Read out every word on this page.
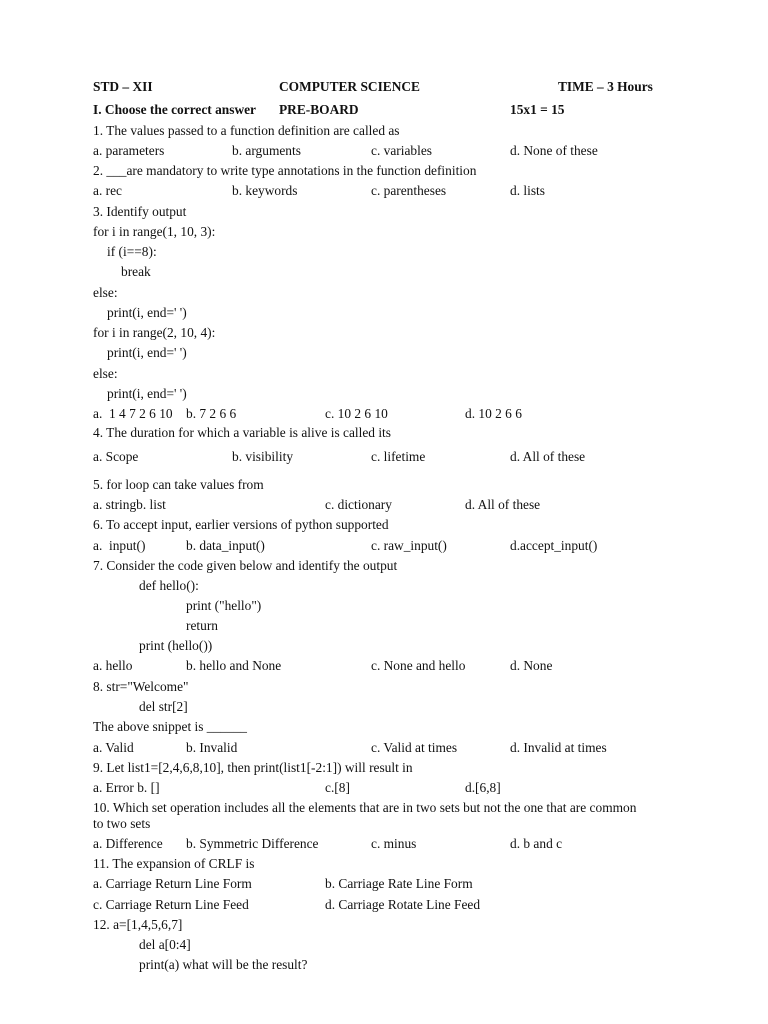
STD – XII	COMPUTER SCIENCE	TIME – 3 Hours
I. Choose the correct answer PRE-BOARD	15x1 = 15
1. The values passed to a function definition are called as
a. parameters	b. arguments	c. variables	d. None of these
2. ___are mandatory to write type annotations in the function definition
a. rec	b. keywords	c. parentheses	d. lists
3. Identify output
for i in range(1, 10, 3):
if (i==8):
break
else:
print(i, end=' ')
for i in range(2, 10, 4):
print(i, end=' ')
else:
print(i, end=' ')
a.  1 4 7 2 6 10 b. 7 2 6 6	c. 10 2 6 10	d. 10 2 6 6
4. The duration for which a variable is alive is called its
a. Scope	b. visibility	c. lifetime	d. All of these
5. for loop can take values from
a. stringb. list	c. dictionary	d. All of these
6. To accept input, earlier versions of python supported
a.  input()	b. data_input()	c. raw_input()	d.accept_input()
7. Consider the code given below and identify the output
def hello():
print ("hello")
return
print (hello())
a. hello	b. hello and None	c. None and hello	d. None
8. str="Welcome"
del str[2]
The above snippet is ______
a. Valid	b. Invalid	c. Valid at times	d. Invalid at times
9. Let list1=[2,4,6,8,10], then print(list1[-2:1]) will result in
a. Error b. []	c.[8]	d.[6,8]
10. Which set operation includes all the elements that are in two sets but not the one that are common
to two sets
a. Difference b. Symmetric Difference	c. minus	d. b and c
11. The expansion of CRLF is
a. Carriage Return Line Form	b. Carriage Rate Line Form
c. Carriage Return Line Feed	d. Carriage Rotate Line Feed
12. a=[1,4,5,6,7]
del a[0:4]
print(a) what will be the result?
